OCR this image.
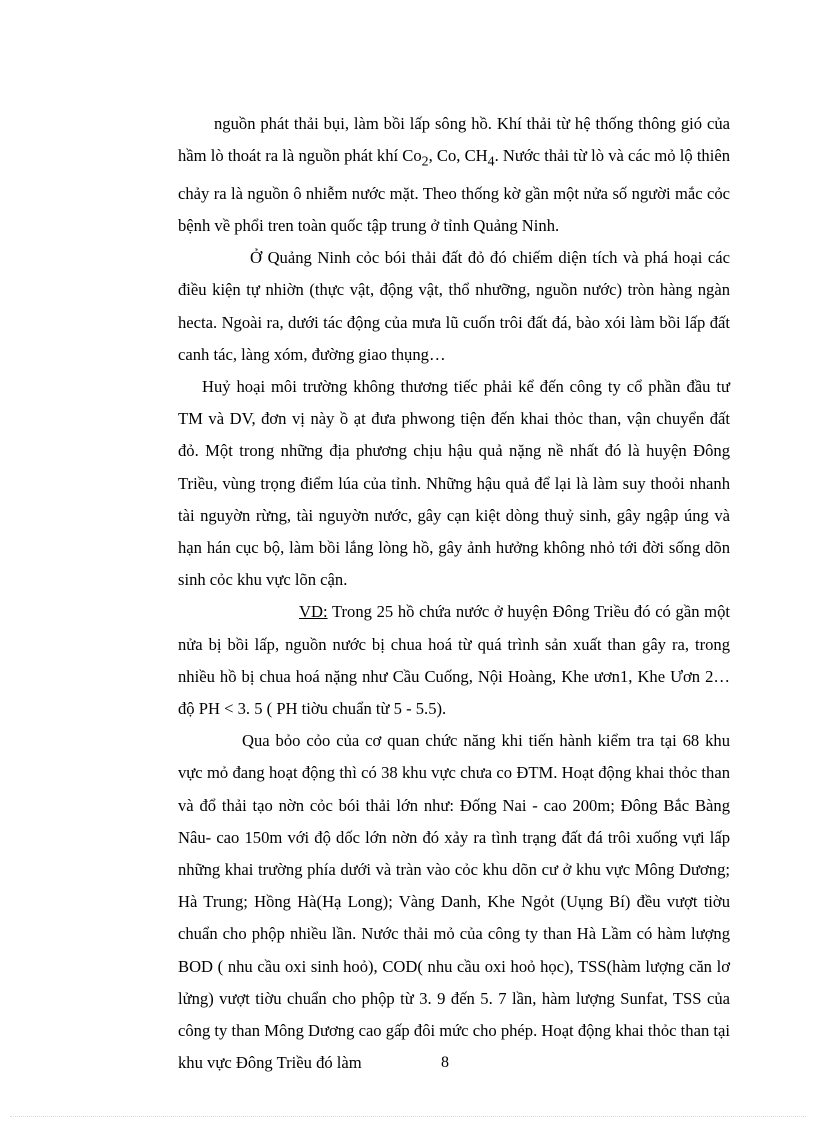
nguồn phát thải bụi, làm bồi lấp sông hồ. Khí thải từ hệ thống thông gió của hầm lò thoát ra là nguồn phát khí $Co_2$, Co, $CH_4$. Nước thải từ lò và các mỏ lộ thiên chảy ra là nguồn ô nhiễm nước mặt. Theo thống kờ gần một nửa số người mắc cỏc bệnh về phổi tren toàn quốc tập trung ở tỉnh Quảng Ninh.

Ở Quảng Ninh cỏc bói thải đất đỏ đó chiếm diện tích và phá hoại các điều kiện tự nhiờn (thực vật, động vật, thổ nhưỡng, nguồn nước) tròn hàng ngàn hecta. Ngoài ra, dưới tác động của mưa lũ cuốn trôi đất đá, bào xói làm bồi lấp đất canh tác, làng xóm, đường giao thụng…

Huỷ hoại môi trường không thương tiếc phải kể đến công ty cổ phần đầu tư TM và DV, đơn vị này ồ ạt đưa phwong tiện đến khai thỏc than, vận chuyển đất đỏ. Một trong những địa phương chịu hậu quả nặng nề nhất đó là huyện Đông Triều, vùng trọng điểm lúa của tỉnh. Những hậu quả để lại là làm suy thoỏi nhanh tài nguyờn rừng, tài nguyờn nước, gây cạn kiệt dòng thuỷ sinh, gây ngập úng và hạn hán cục bộ, làm bồi lắng lòng hồ, gây ảnh hưởng không nhỏ tới đời sống dõn sinh cỏc khu vực lõn cận.

VD: Trong 25 hồ chứa nước ở huyện Đông Triều đó có gần một nửa bị bồi lấp, nguồn nước bị chua hoá từ quá trình sản xuất than gây ra, trong nhiều hồ bị chua hoá nặng như Cầu Cuống, Nội Hoàng, Khe ươn1, Khe Ươn 2… độ PH < 3. 5 ( PH tiờu chuẩn từ 5 - 5.5).

Qua bỏo cỏo của cơ quan chức năng khi tiến hành kiểm tra tại 68 khu vực mỏ đang hoạt động thì có 38 khu vực chưa co ĐTM. Hoạt động khai thỏc than và đổ thải tạo nờn cỏc bói thải lớn như: Đống Nai - cao 200m; Đông Bắc Bàng Nâu- cao 150m với độ dốc lớn nờn đó xảy ra tình trạng đất đá trôi xuống vựi lấp những khai trường phía dưới và tràn vào cỏc khu dõn cư ở khu vực Mông Dương; Hà Trung; Hồng Hà(Hạ Long); Vàng Danh, Khe Ngỏt (Uụng Bí) đều vượt tiờu chuẩn cho phộp nhiều lần. Nước thải mỏ của công ty than Hà Lầm có hàm lượng BOD ( nhu cầu oxi sinh hoỏ), COD( nhu cầu oxi hoỏ học), TSS(hàm lượng căn lơ lửng) vượt tiờu chuẩn cho phộp từ 3. 9 đến 5. 7 lần, hàm lượng Sunfat, TSS của công ty than Mông Dương cao gấp đôi mức cho phép. Hoạt động khai thỏc than tại khu vực Đông Triều đó làm	8
